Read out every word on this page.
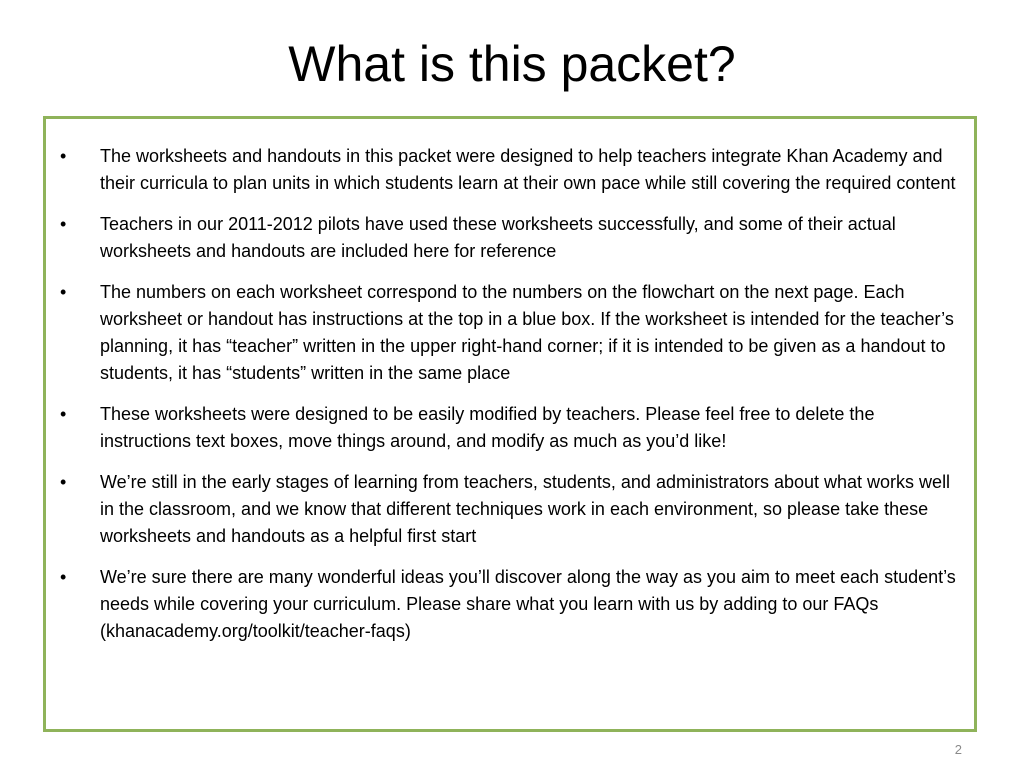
What is this packet?
• The worksheets and handouts in this packet were designed to help teachers integrate Khan Academy and their curricula to plan units in which students learn at their own pace while still covering the required content
• Teachers in our 2011-2012 pilots have used these worksheets successfully, and some of their actual worksheets and handouts are included here for reference
• The numbers on each worksheet correspond to the numbers on the flowchart on the next page. Each worksheet or handout has instructions at the top in a blue box. If the worksheet is intended for the teacher’s planning, it has “teacher” written in the upper right-hand corner; if it is intended to be given as a handout to students, it has “students” written in the same place
• These worksheets were designed to be easily modified by teachers. Please feel free to delete the instructions text boxes, move things around, and modify as much as you’d like!
• We’re still in the early stages of learning from teachers, students, and administrators about what works well in the classroom, and we know that different techniques work in each environment, so please take these worksheets and handouts as a helpful first start
• We’re sure there are many wonderful ideas you’ll discover along the way as you aim to meet each student’s needs while covering your curriculum. Please share what you learn with us by adding to our FAQs (khanacademy.org/toolkit/teacher-faqs)
2
